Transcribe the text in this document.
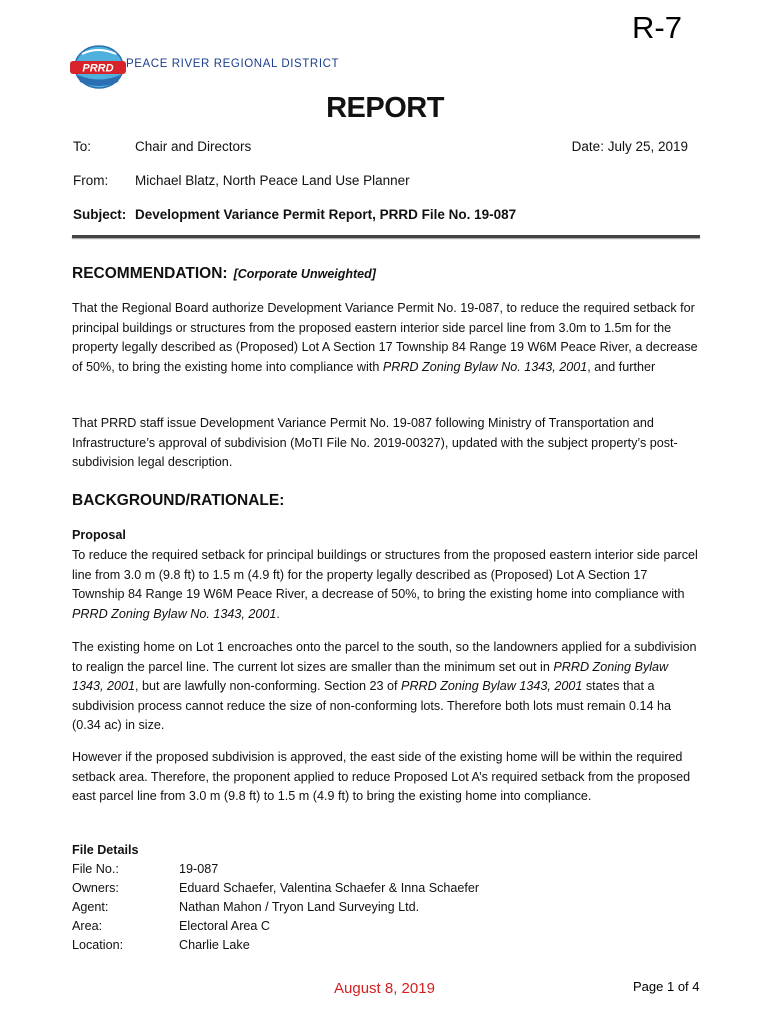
R-7
PRRD PEACE RIVER REGIONAL DISTRICT
REPORT
To:	Chair and Directors	Date: July 25, 2019
From: Michael Blatz, North Peace Land Use Planner
Subject: Development Variance Permit Report, PRRD File No. 19-087
RECOMMENDATION: [Corporate Unweighted]

That the Regional Board authorize Development Variance Permit No. 19-087, to reduce the required setback for principal buildings or structures from the proposed eastern interior side parcel line from 3.0m to 1.5m for the property legally described as (Proposed) Lot A Section 17 Township 84 Range 19 W6M Peace River, a decrease of 50%, to bring the existing home into compliance with PRRD Zoning Bylaw No. 1343, 2001, and further

That PRRD staff issue Development Variance Permit No. 19-087 following Ministry of Transportation and Infrastructure’s approval of subdivision (MoTI File No. 2019-00327), updated with the subject property’s post-subdivision legal description.

BACKGROUND/RATIONALE:
Proposal

To reduce the required setback for principal buildings or structures from the proposed eastern interior side parcel line from 3.0 m (9.8 ft) to 1.5 m (4.9 ft) for the property legally described as (Proposed) Lot A Section 17 Township 84 Range 19 W6M Peace River, a decrease of 50%, to bring the existing home into compliance with PRRD Zoning Bylaw No. 1343, 2001.

The existing home on Lot 1 encroaches onto the parcel to the south, so the landowners applied for a subdivision to realign the parcel line. The current lot sizes are smaller than the minimum set out in PRRD Zoning Bylaw 1343, 2001, but are lawfully non-conforming. Section 23 of PRRD Zoning Bylaw 1343, 2001 states that a subdivision process cannot reduce the size of non-conforming lots. Therefore both lots must remain 0.14 ha (0.34 ac) in size.

However if the proposed subdivision is approved, the east side of the existing home will be within the required setback area. Therefore, the proponent applied to reduce Proposed Lot A’s required setback from the proposed east parcel line from 3.0 m (9.8 ft) to 1.5 m (4.9 ft) to bring the existing home into compliance.

File Details
File No.:	19-087
Owners:	Eduard Schaefer, Valentina Schaefer & Inna Schaefer
Agent:	Nathan Mahon / Tryon Land Surveying Ltd.
Area:	Electoral Area C
Location:	Charlie Lake
August 8, 2019	Page 1 of 4
